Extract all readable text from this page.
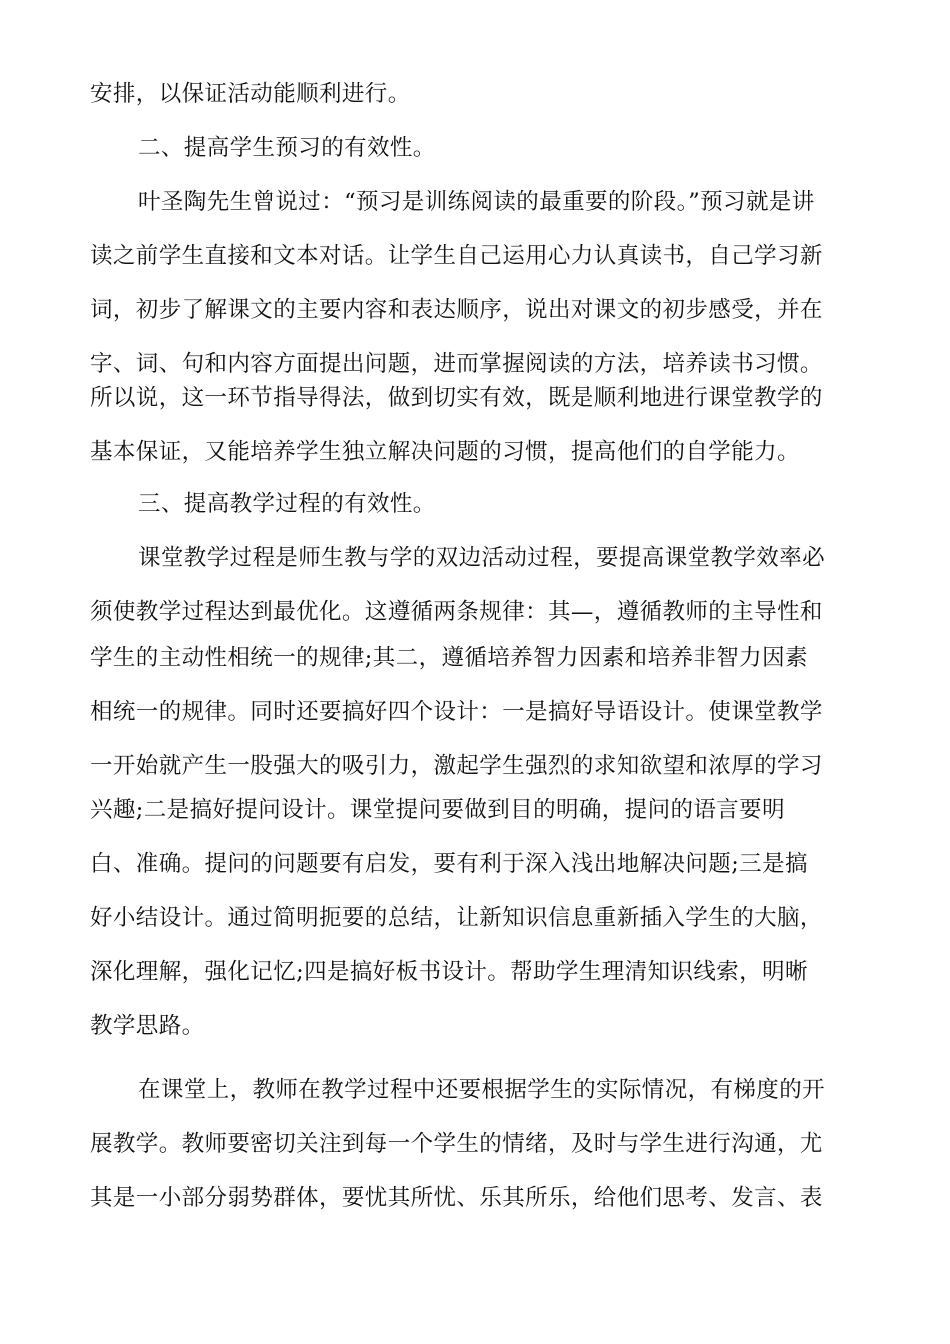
安排，以保证活动能顺利进行。
二、提高学生预习的有效性。
叶圣陶先生曾说过：“预习是训练阅读的最重要的阶段。”预习就是讲
读之前学生直接和文本对话。让学生自己运用心力认真读书，自己学习新
词，初步了解课文的主要内容和表达顺序，说出对课文的初步感受，并在
字、词、句和内容方面提出问题，进而掌握阅读的方法，培养读书习惯。
所以说，这一环节指导得法，做到切实有效，既是顺利地进行课堂教学的
基本保证，又能培养学生独立解决问题的习惯，提高他们的自学能力。
三、提高教学过程的有效性。
课堂教学过程是师生教与学的双边活动过程，要提高课堂教学效率必
须使教学过程达到最优化。这遵循两条规律：其—，遵循教师的主导性和
学生的主动性相统一的规律;其二，遵循培养智力因素和培养非智力因素
相统一的规律。同时还要搞好四个设计：一是搞好导语设计。使课堂教学
一开始就产生一股强大的吸引力，激起学生强烈的求知欲望和浓厚的学习
兴趣;二是搞好提问设计。课堂提问要做到目的明确，提问的语言要明
白、准确。提问的问题要有启发，要有利于深入浅出地解决问题;三是搞
好小结设计。通过简明扼要的总结，让新知识信息重新插入学生的大脑，
深化理解，强化记忆;四是搞好板书设计。帮助学生理清知识线索，明晰
教学思路。
在课堂上，教师在教学过程中还要根据学生的实际情况，有梯度的开
展教学。教师要密切关注到每一个学生的情绪，及时与学生进行沟通，尤
其是一小部分弱势群体，要忧其所忧、乐其所乐，给他们思考、发言、表
